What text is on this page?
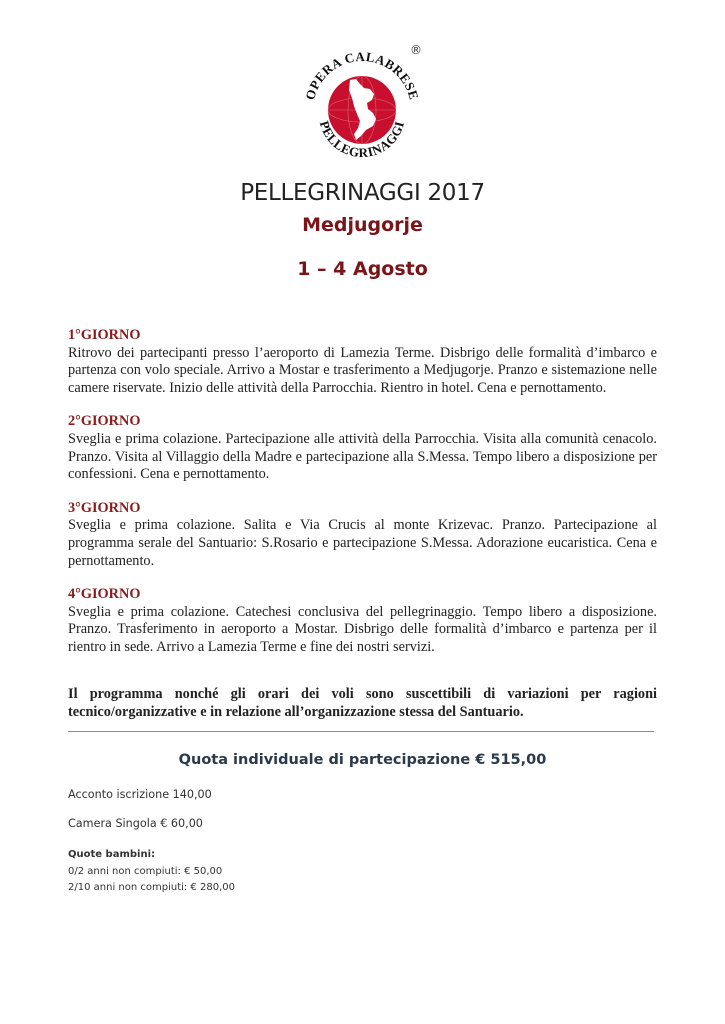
OPERA CALABRESE
PELLEGRINAGGI
®
PELLEGRINAGGI 2017
Medjugorje
1 – 4 Agosto
1°GIORNO
Ritrovo dei partecipanti presso l’aeroporto di Lamezia Terme. Disbrigo delle formalità d’imbarco e partenza con volo speciale. Arrivo a Mostar e trasferimento a Medjugorje. Pranzo e sistemazione nelle camere riservate. Inizio delle attività della Parrocchia. Rientro in hotel. Cena e pernottamento.
2°GIORNO
Sveglia e prima colazione. Partecipazione alle attività della Parrocchia. Visita alla comunità cenacolo. Pranzo. Visita al Villaggio della Madre e partecipazione alla S.Messa. Tempo libero a disposizione per confessioni. Cena e pernottamento.
3°GIORNO
Sveglia e prima colazione. Salita e Via Crucis al monte Krizevac. Pranzo. Partecipazione al programma serale del Santuario: S.Rosario e partecipazione S.Messa. Adorazione eucaristica. Cena e pernottamento.
4°GIORNO
Sveglia e prima colazione. Catechesi conclusiva del pellegrinaggio. Tempo libero a disposizione. Pranzo. Trasferimento in aeroporto a Mostar. Disbrigo delle formalità d’imbarco e partenza per il rientro in sede. Arrivo a Lamezia Terme e fine dei nostri servizi.
Il programma nonché gli orari dei voli sono suscettibili di variazioni per ragioni tecnico/organizzative e in relazione all’organizzazione stessa del Santuario.
Quota individuale di partecipazione € 515,00
Acconto iscrizione 140,00
Camera Singola € 60,00
Quote bambini:
0/2 anni non compiuti: € 50,00
2/10 anni non compiuti: € 280,00
